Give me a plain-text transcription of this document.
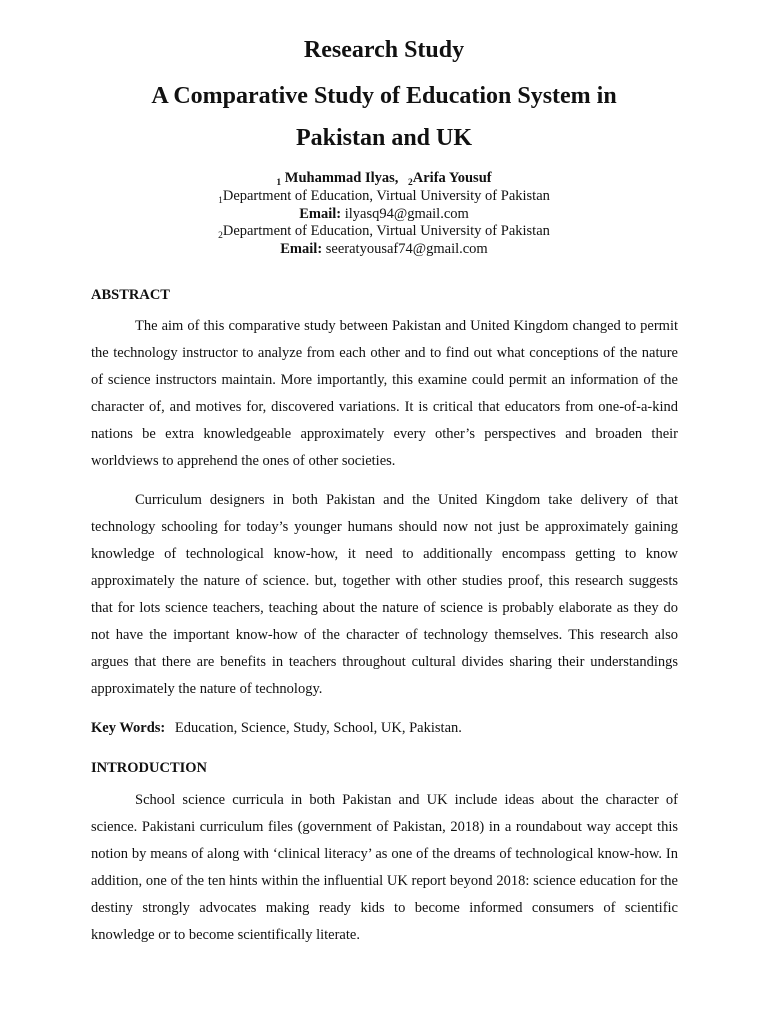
Research Study
A Comparative Study of Education System in
Pakistan and UK
$_1$ Muhammad Ilyas, $_2$Arifa Yousuf
$_1$Department of Education, Virtual University of Pakistan
Email: ilyasq94@gmail.com
$_2$Department of Education, Virtual University of Pakistan
Email: seeratyousaf74@gmail.com
ABSTRACT

The aim of this comparative study between Pakistan and United Kingdom changed to permit the technology instructor to analyze from each other and to find out what conceptions of the nature of science instructors maintain. More importantly, this examine could permit an information of the character of, and motives for, discovered variations. It is critical that educators from one-of-a-kind nations be extra knowledgeable approximately every other’s perspectives and broaden their worldviews to apprehend the ones of other societies.

Curriculum designers in both Pakistan and the United Kingdom take delivery of that technology schooling for today’s younger humans should now not just be approximately gaining knowledge of technological know-how, it need to additionally encompass getting to know approximately the nature of science. but, together with other studies proof, this research suggests that for lots science teachers, teaching about the nature of science is probably elaborate as they do not have the important know-how of the character of technology themselves. This research also argues that there are benefits in teachers throughout cultural divides sharing their understandings approximately the nature of technology.

Key Words: Education, Science, Study, School, UK, Pakistan.
INTRODUCTION

School science curricula in both Pakistan and UK include ideas about the character of science. Pakistani curriculum files (government of Pakistan, 2018) in a roundabout way accept this notion by means of along with ‘clinical literacy’ as one of the dreams of technological know-how. In addition, one of the ten hints within the influential UK report beyond 2018: science education for the destiny strongly advocates making ready kids to become informed consumers of scientific knowledge or to become scientifically literate.
